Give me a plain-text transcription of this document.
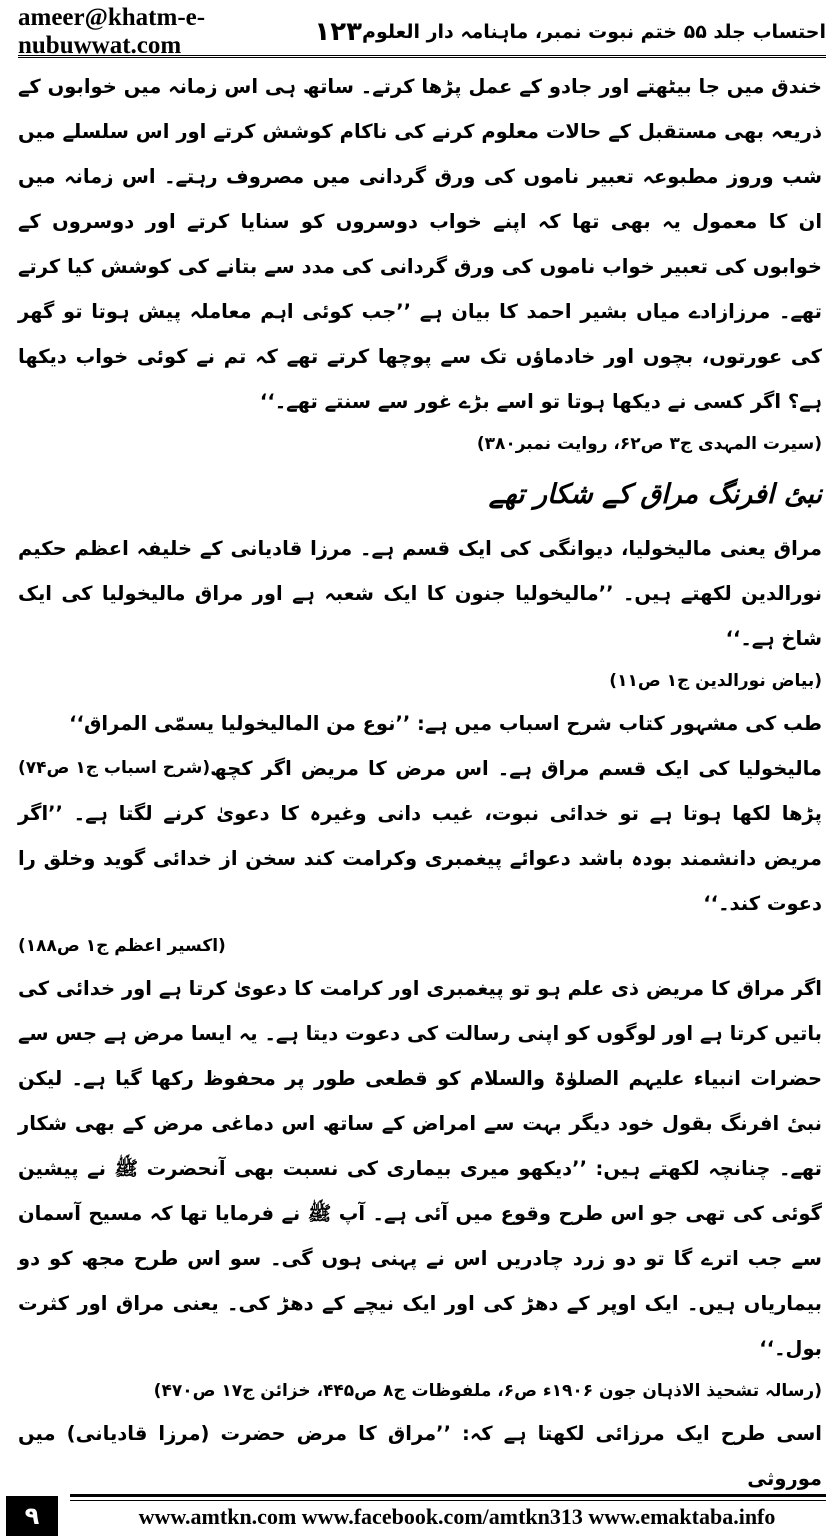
ameer@khatm-e-nubuwwat.com	۱۲۳ احتساب جلد ۵۵ ختم نبوت نمبر، ماہنامہ دار العلوم

خندق میں جا بیٹھتے اور جادو کے عمل پڑھا کرتے۔ ساتھ ہی اس زمانہ میں خوابوں کے ذریعہ بھی مستقبل کے حالات معلوم کرنے کی ناکام کوشش کرتے اور اس سلسلے میں شب وروز مطبوعہ تعبیر ناموں کی ورق گردانی میں مصروف رہتے۔ اس زمانہ میں ان کا معمول یہ بھی تھا کہ اپنے خواب دوسروں کو سنایا کرتے اور دوسروں کے خوابوں کی تعبیر خواب ناموں کی ورق گردانی کی مدد سے بتانے کی کوشش کیا کرتے تھے۔ مرزازادے میاں بشیر احمد کا بیان ہے ’’جب کوئی اہم معاملہ پیش ہوتا تو گھر کی عورتوں، بچوں اور خادماؤں تک سے پوچھا کرتے تھے کہ تم نے کوئی خواب دیکھا ہے؟ اگر کسی نے دیکھا ہوتا تو اسے بڑے غور سے سنتے تھے۔‘‘

(سیرت المہدی ج۳ ص۶۲، روایت نمبر۳۸۰)

نبیٔ افرنگ مراق کے شکار تھے

مراق یعنی مالیخولیا، دیوانگی کی ایک قسم ہے۔ مرزا قادیانی کے خلیفہ اعظم حکیم نورالدین لکھتے ہیں۔ ’’مالیخولیا جنون کا ایک شعبہ ہے اور مراق مالیخولیا کی ایک شاخ ہے۔‘‘

(بیاض نورالدین ج۱ ص۱۱)

طب کی مشہور کتاب شرح اسباب میں ہے: ’’نوع من الماليخوليا يسمّى المراق‘‘
(شرح اسباب ج۱ ص۷۴) مالیخولیا کی ایک قسم مراق ہے۔ اس مرض کا مریض اگر کچھ پڑھا لکھا ہوتا ہے تو خدائی نبوت، غیب دانی وغیرہ کا دعویٰ کرنے لگتا ہے۔ ’’اگر مریض دانشمند بودہ باشد دعوائے پیغمبری وکرامت کند سخن از خدائی گوید وخلق را دعوت کند۔‘‘

(اکسیر اعظم ج۱ ص۱۸۸)

اگر مراق کا مریض ذی علم ہو تو پیغمبری اور کرامت کا دعویٰ کرتا ہے اور خدائی کی باتیں کرتا ہے اور لوگوں کو اپنی رسالت کی دعوت دیتا ہے۔ یہ ایسا مرض ہے جس سے حضرات انبیاء علیہم الصلوٰۃ والسلام کو قطعی طور پر محفوظ رکھا گیا ہے۔ لیکن نبیٔ افرنگ بقول خود دیگر بہت سے امراض کے ساتھ اس دماغی مرض کے بھی شکار تھے۔ چنانچہ لکھتے ہیں: ’’دیکھو میری بیماری کی نسبت بھی آنحضرت ﷺ نے پیشین گوئی کی تھی جو اس طرح وقوع میں آئی ہے۔ آپ ﷺ نے فرمایا تھا کہ مسیح آسمان سے جب اترے گا تو دو زرد چادریں اس نے پہنی ہوں گی۔ سو اس طرح مجھ کو دو بیماریاں ہیں۔ ایک اوپر کے دھڑ کی اور ایک نیچے کے دھڑ کی۔ یعنی مراق اور کثرت بول۔‘‘

(رسالہ تشحیذ الاذہان جون ۱۹۰۶ء ص۶، ملفوظات ج۸ ص۴۴۵، خزائن ج۱۷ ص۴۷۰)

اسی طرح ایک مرزائی لکھتا ہے کہ: ’’مراق کا مرض حضرت (مرزا قادیانی) میں موروثی

۹	www.amtkn.com www.facebook.com/amtkn313 www.emaktaba.info
